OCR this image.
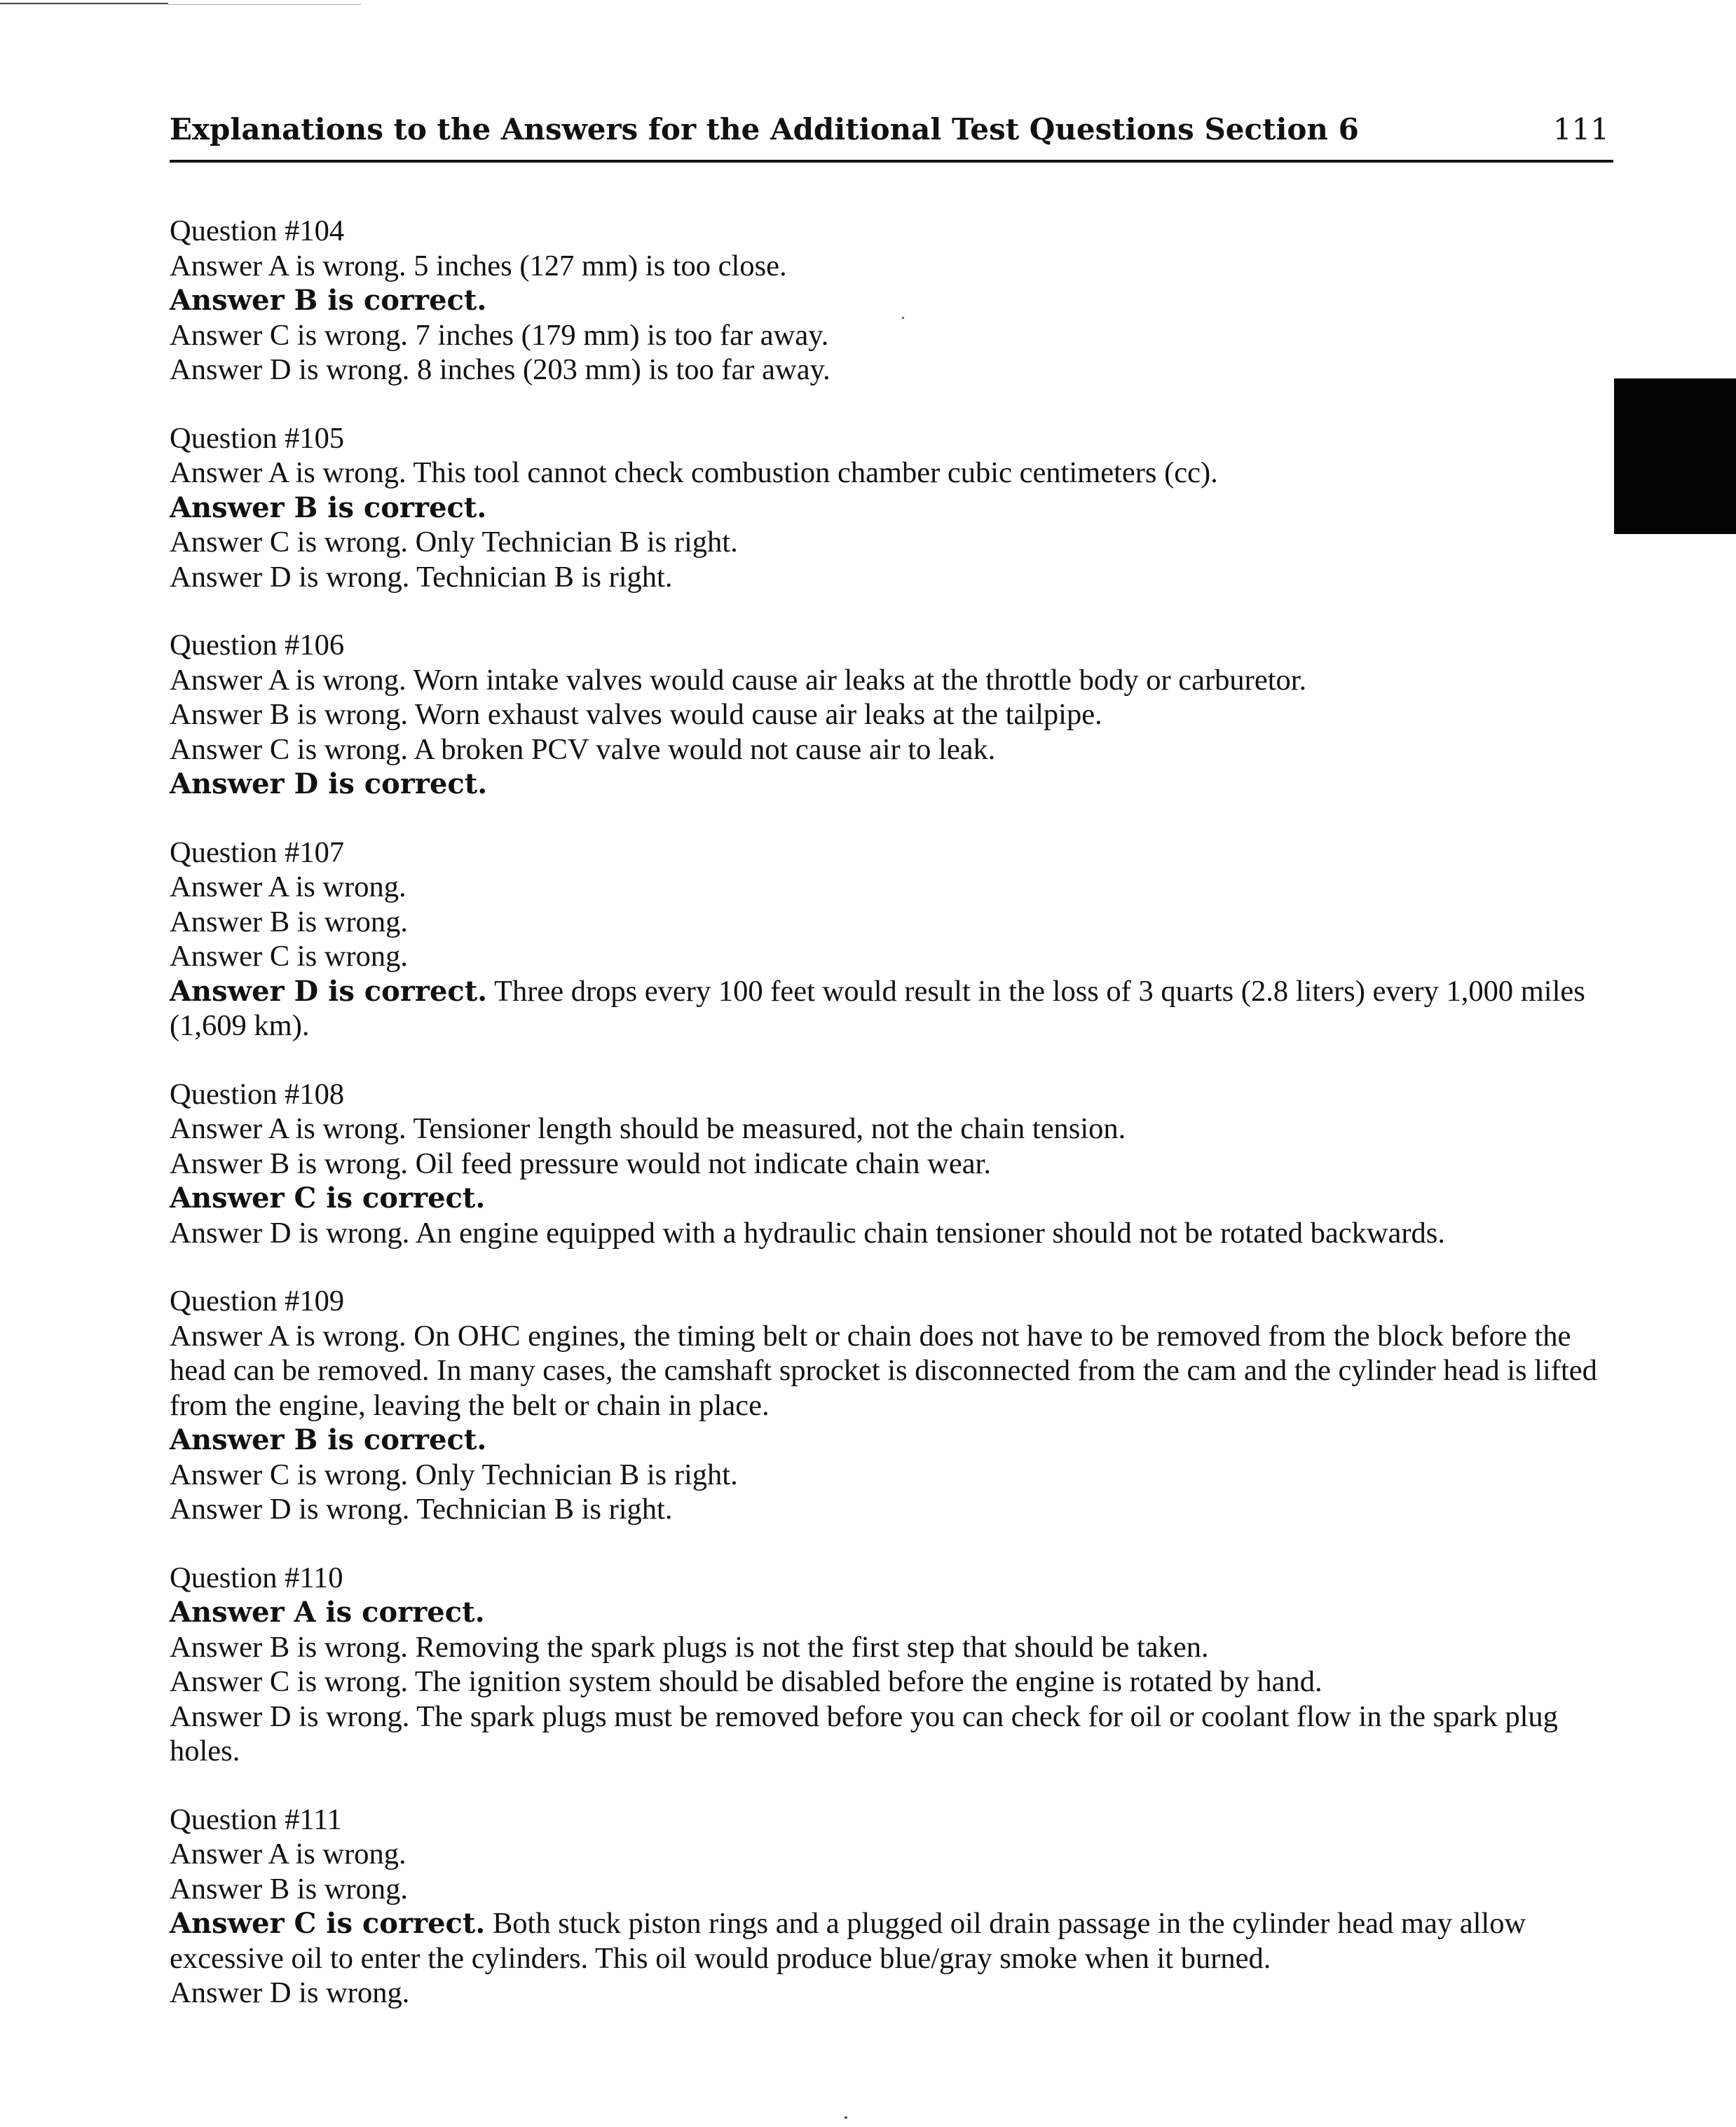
Explanations to the Answers for the Additional Test Questions Section 6	111
Question #104
Answer A is wrong. 5 inches (127 mm) is too close.
Answer B is correct.
Answer C is wrong. 7 inches (179 mm) is too far away.
Answer D is wrong. 8 inches (203 mm) is too far away.
Question #105
Answer A is wrong. This tool cannot check combustion chamber cubic centimeters (cc).
Answer B is correct.
Answer C is wrong. Only Technician B is right.
Answer D is wrong. Technician B is right.
Question #106
Answer A is wrong. Worn intake valves would cause air leaks at the throttle body or carburetor.
Answer B is wrong. Worn exhaust valves would cause air leaks at the tailpipe.
Answer C is wrong. A broken PCV valve would not cause air to leak.
Answer D is correct.
Question #107
Answer A is wrong.
Answer B is wrong.
Answer C is wrong.
Answer D is correct. Three drops every 100 feet would result in the loss of 3 quarts (2.8 liters) every 1,000 miles (1,609 km).
Question #108
Answer A is wrong. Tensioner length should be measured, not the chain tension.
Answer B is wrong. Oil feed pressure would not indicate chain wear.
Answer C is correct.
Answer D is wrong. An engine equipped with a hydraulic chain tensioner should not be rotated backwards.
Question #109
Answer A is wrong. On OHC engines, the timing belt or chain does not have to be removed from the block before the head can be removed. In many cases, the camshaft sprocket is disconnected from the cam and the cylinder head is lifted from the engine, leaving the belt or chain in place.
Answer B is correct.
Answer C is wrong. Only Technician B is right.
Answer D is wrong. Technician B is right.
Question #110
Answer A is correct.
Answer B is wrong. Removing the spark plugs is not the first step that should be taken.
Answer C is wrong. The ignition system should be disabled before the engine is rotated by hand.
Answer D is wrong. The spark plugs must be removed before you can check for oil or coolant flow in the spark plug holes.
Question #111
Answer A is wrong.
Answer B is wrong.
Answer C is correct. Both stuck piston rings and a plugged oil drain passage in the cylinder head may allow excessive oil to enter the cylinders. This oil would produce blue/gray smoke when it burned.
Answer D is wrong.
